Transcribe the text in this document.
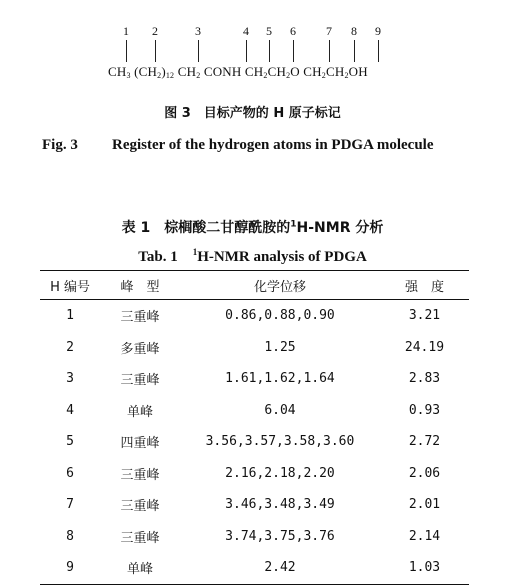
1 2	3	4 5 6	7 8 9
$CH_3$ $(CH_2)_{12}$ $CH_2$ CONH $CH_2CH_2O$ $CH_2CH_2OH$
图 3　目标产物的 H 原子标记
Fig. 3 Register of the hydrogen atoms in PDGA molecule
表 1　棕榈酸二甘醇酰胺的$^1$H-NMR 分析
Tab. 1　$^1$H-NMR analysis of PDGA
H 编号	峰　型	化学位移	强　度
1	三重峰	0.86,0.88,0.90	3.21
2	多重峰	1.25	24.19
3	三重峰	1.61,1.62,1.64	2.83
4	单峰	6.04	0.93
5	四重峰	3.56,3.57,3.58,3.60	2.72
6	三重峰	2.16,2.18,2.20	2.06
7	三重峰	3.46,3.48,3.49	2.01
8	三重峰	3.74,3.75,3.76	2.14
9	单峰	2.42	1.03
